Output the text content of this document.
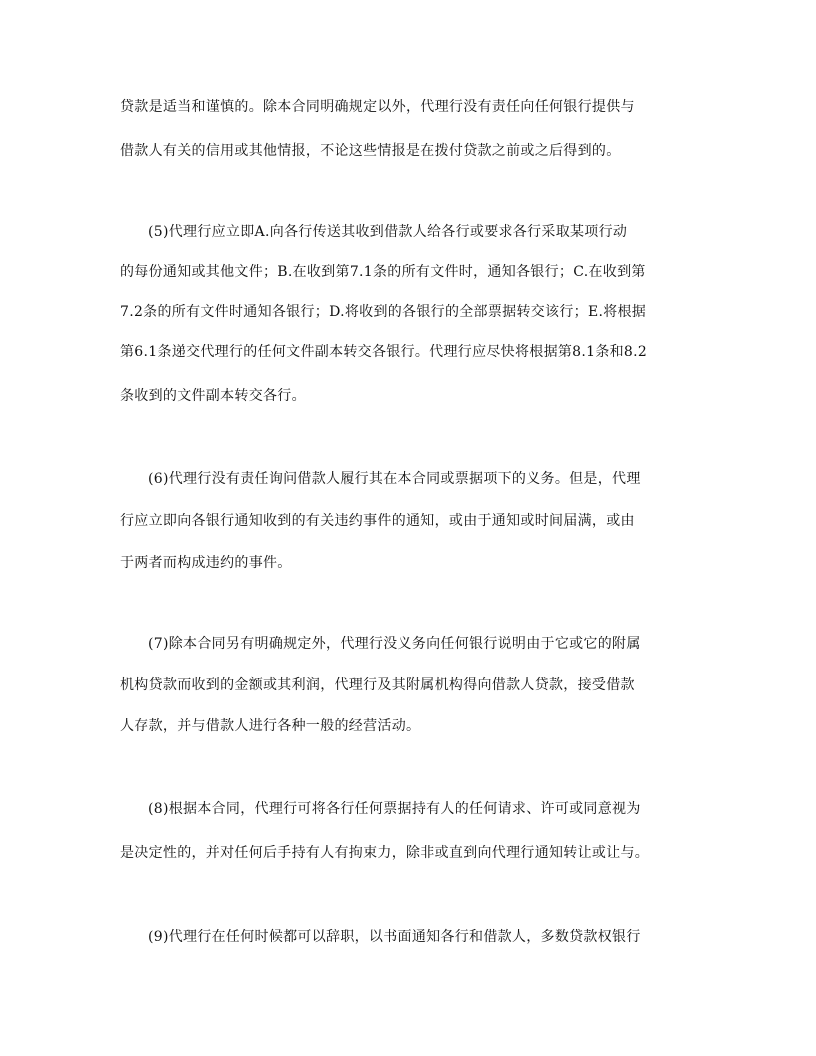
贷款是适当和谨慎的。除本合同明确规定以外，代理行没有责任向任何银行提供与
借款人有关的信用或其他情报，不论这些情报是在拨付贷款之前或之后得到的。
(5)代理行应立即A.向各行传送其收到借款人给各行或要求各行采取某项行动
的每份通知或其他文件；B.在收到第7.1条的所有文件时，通知各银行；C.在收到第
7.2条的所有文件时通知各银行；D.将收到的各银行的全部票据转交该行；E.将根据
第6.1条递交代理行的任何文件副本转交各银行。代理行应尽快将根据第8.1条和8.2
条收到的文件副本转交各行。
(6)代理行没有责任询问借款人履行其在本合同或票据项下的义务。但是，代理
行应立即向各银行通知收到的有关违约事件的通知，或由于通知或时间届满，或由
于两者而构成违约的事件。
(7)除本合同另有明确规定外，代理行没义务向任何银行说明由于它或它的附属
机构贷款而收到的金额或其利润，代理行及其附属机构得向借款人贷款，接受借款
人存款，并与借款人进行各种一般的经营活动。
(8)根据本合同，代理行可将各行任何票据持有人的任何请求、许可或同意视为
是决定性的，并对任何后手持有人有拘束力，除非或直到向代理行通知转让或让与。
(9)代理行在任何时候都可以辞职，以书面通知各行和借款人，多数贷款权银行
